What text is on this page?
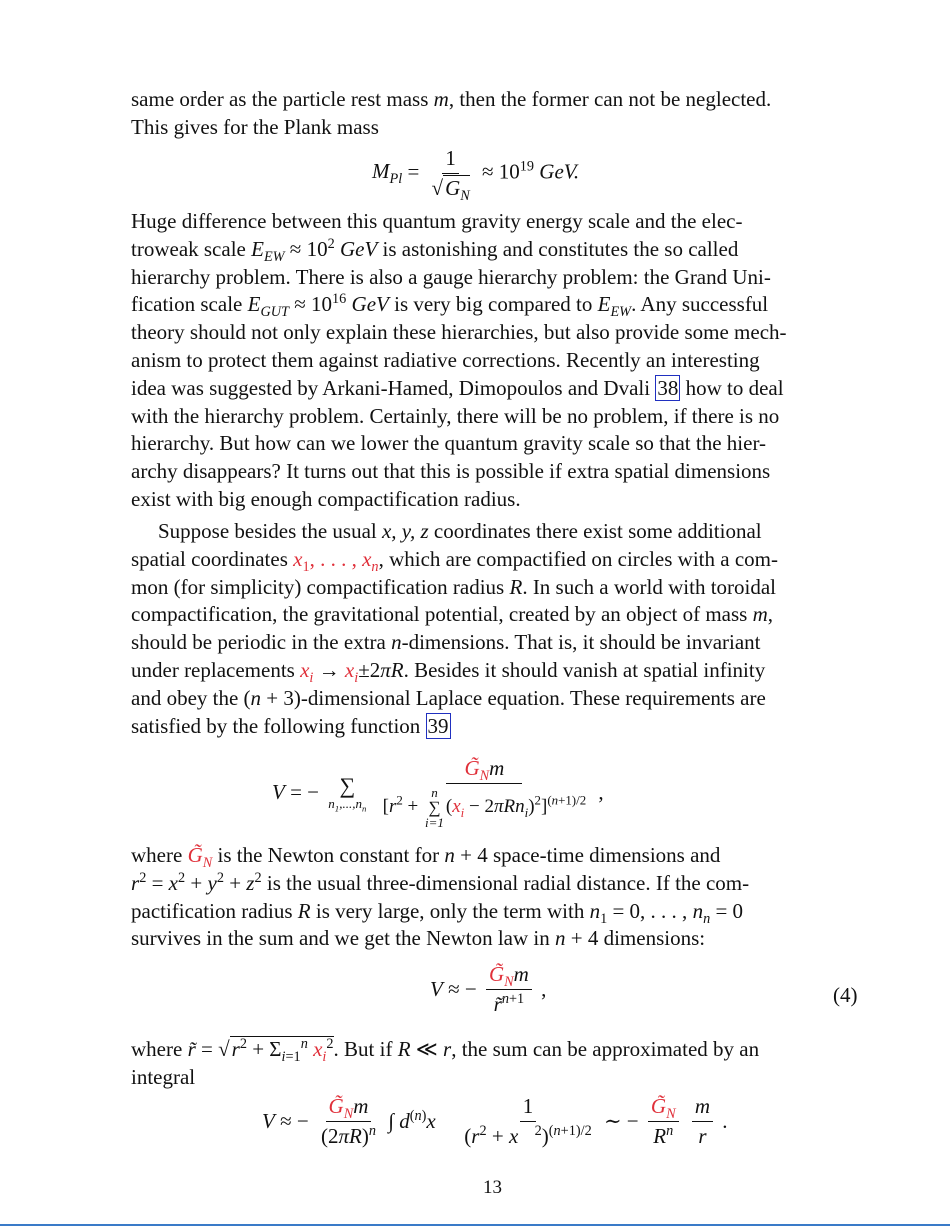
same order as the particle rest mass m, then the former can not be neglected.
This gives for the Plank mass
$M_{Pl} = \frac{1}{√G_N} \approx 10^{19}$ GeV.
Huge difference between this quantum gravity energy scale and the elec-
troweak scale $E_{EW} \approx 10^2$ GeV is astonishing and constitutes the so called
hierarchy problem. There is also a gauge hierarchy problem: the Grand Uni-
fication scale $E_{GUT} \approx 10^{16}$ GeV is very big compared to $E_{EW}$. Any successful
theory should not only explain these hierarchies, but also provide some mech-
anism to protect them against radiative corrections. Recently an interesting
idea was suggested by Arkani-Hamed, Dimopoulos and Dvali 38 how to deal
with the hierarchy problem. Certainly, there will be no problem, if there is no
hierarchy. But how can we lower the quantum gravity scale so that the hier-
archy disappears? It turns out that this is possible if extra spatial dimensions
exist with big enough compactification radius.
Suppose besides the usual x, y, z coordinates there exist some additional
spatial coordinates $x_1$, . . . , $x_n$, which are compactified on circles with a com-
mon (for simplicity) compactification radius R. In such a world with toroidal
compactification, the gravitational potential, created by an object of mass m,
should be periodic in the extra n-dimensions. That is, it should be invariant
under replacements $x_i \to x_i\pm 2\pi R$. Besides it should vanish at spatial infinity
and obey the (n + 3)-dimensional Laplace equation. These requirements are
satisfied by the following function 39
V = − ∑
$n_1,...,n_n$
$G̃_Nm$
[$r^2$ +
n
∑
i=1
$(x_i - 2\pi Rn_i)^2]^{(n+1)/2}$ ,
where $G̃_N$ is the Newton constant for n + 4 space-time dimensions and
$r^2 = x^2 + y^2 + z^2$ is the usual three-dimensional radial distance. If the com-
pactification radius R is very large, only the term with $n_1 = 0$, . . . , $n_n = 0$
survives in the sum and we get the Newton law in n + 4 dimensions:
V ≈ − $\frac{G̃_Nm}{r̃^{n+1}}$ ,	(4)
where r̃ = $√r^2 + \Sigma_{i=1}^n$ $x_i^2$. But if R ≪ r, the sum can be approximated by an
integral
V ≈ − $\frac{G̃_Nm}{(2\pi R)^n}$ ∫ $d^{(n)}x⃗ \frac{1}{(r^2 + x⃗^2)^{(n+1)/2}}$ ∼ − $\frac{G̃_N}{R^n}$
$\frac{m}{r}$ .
13
